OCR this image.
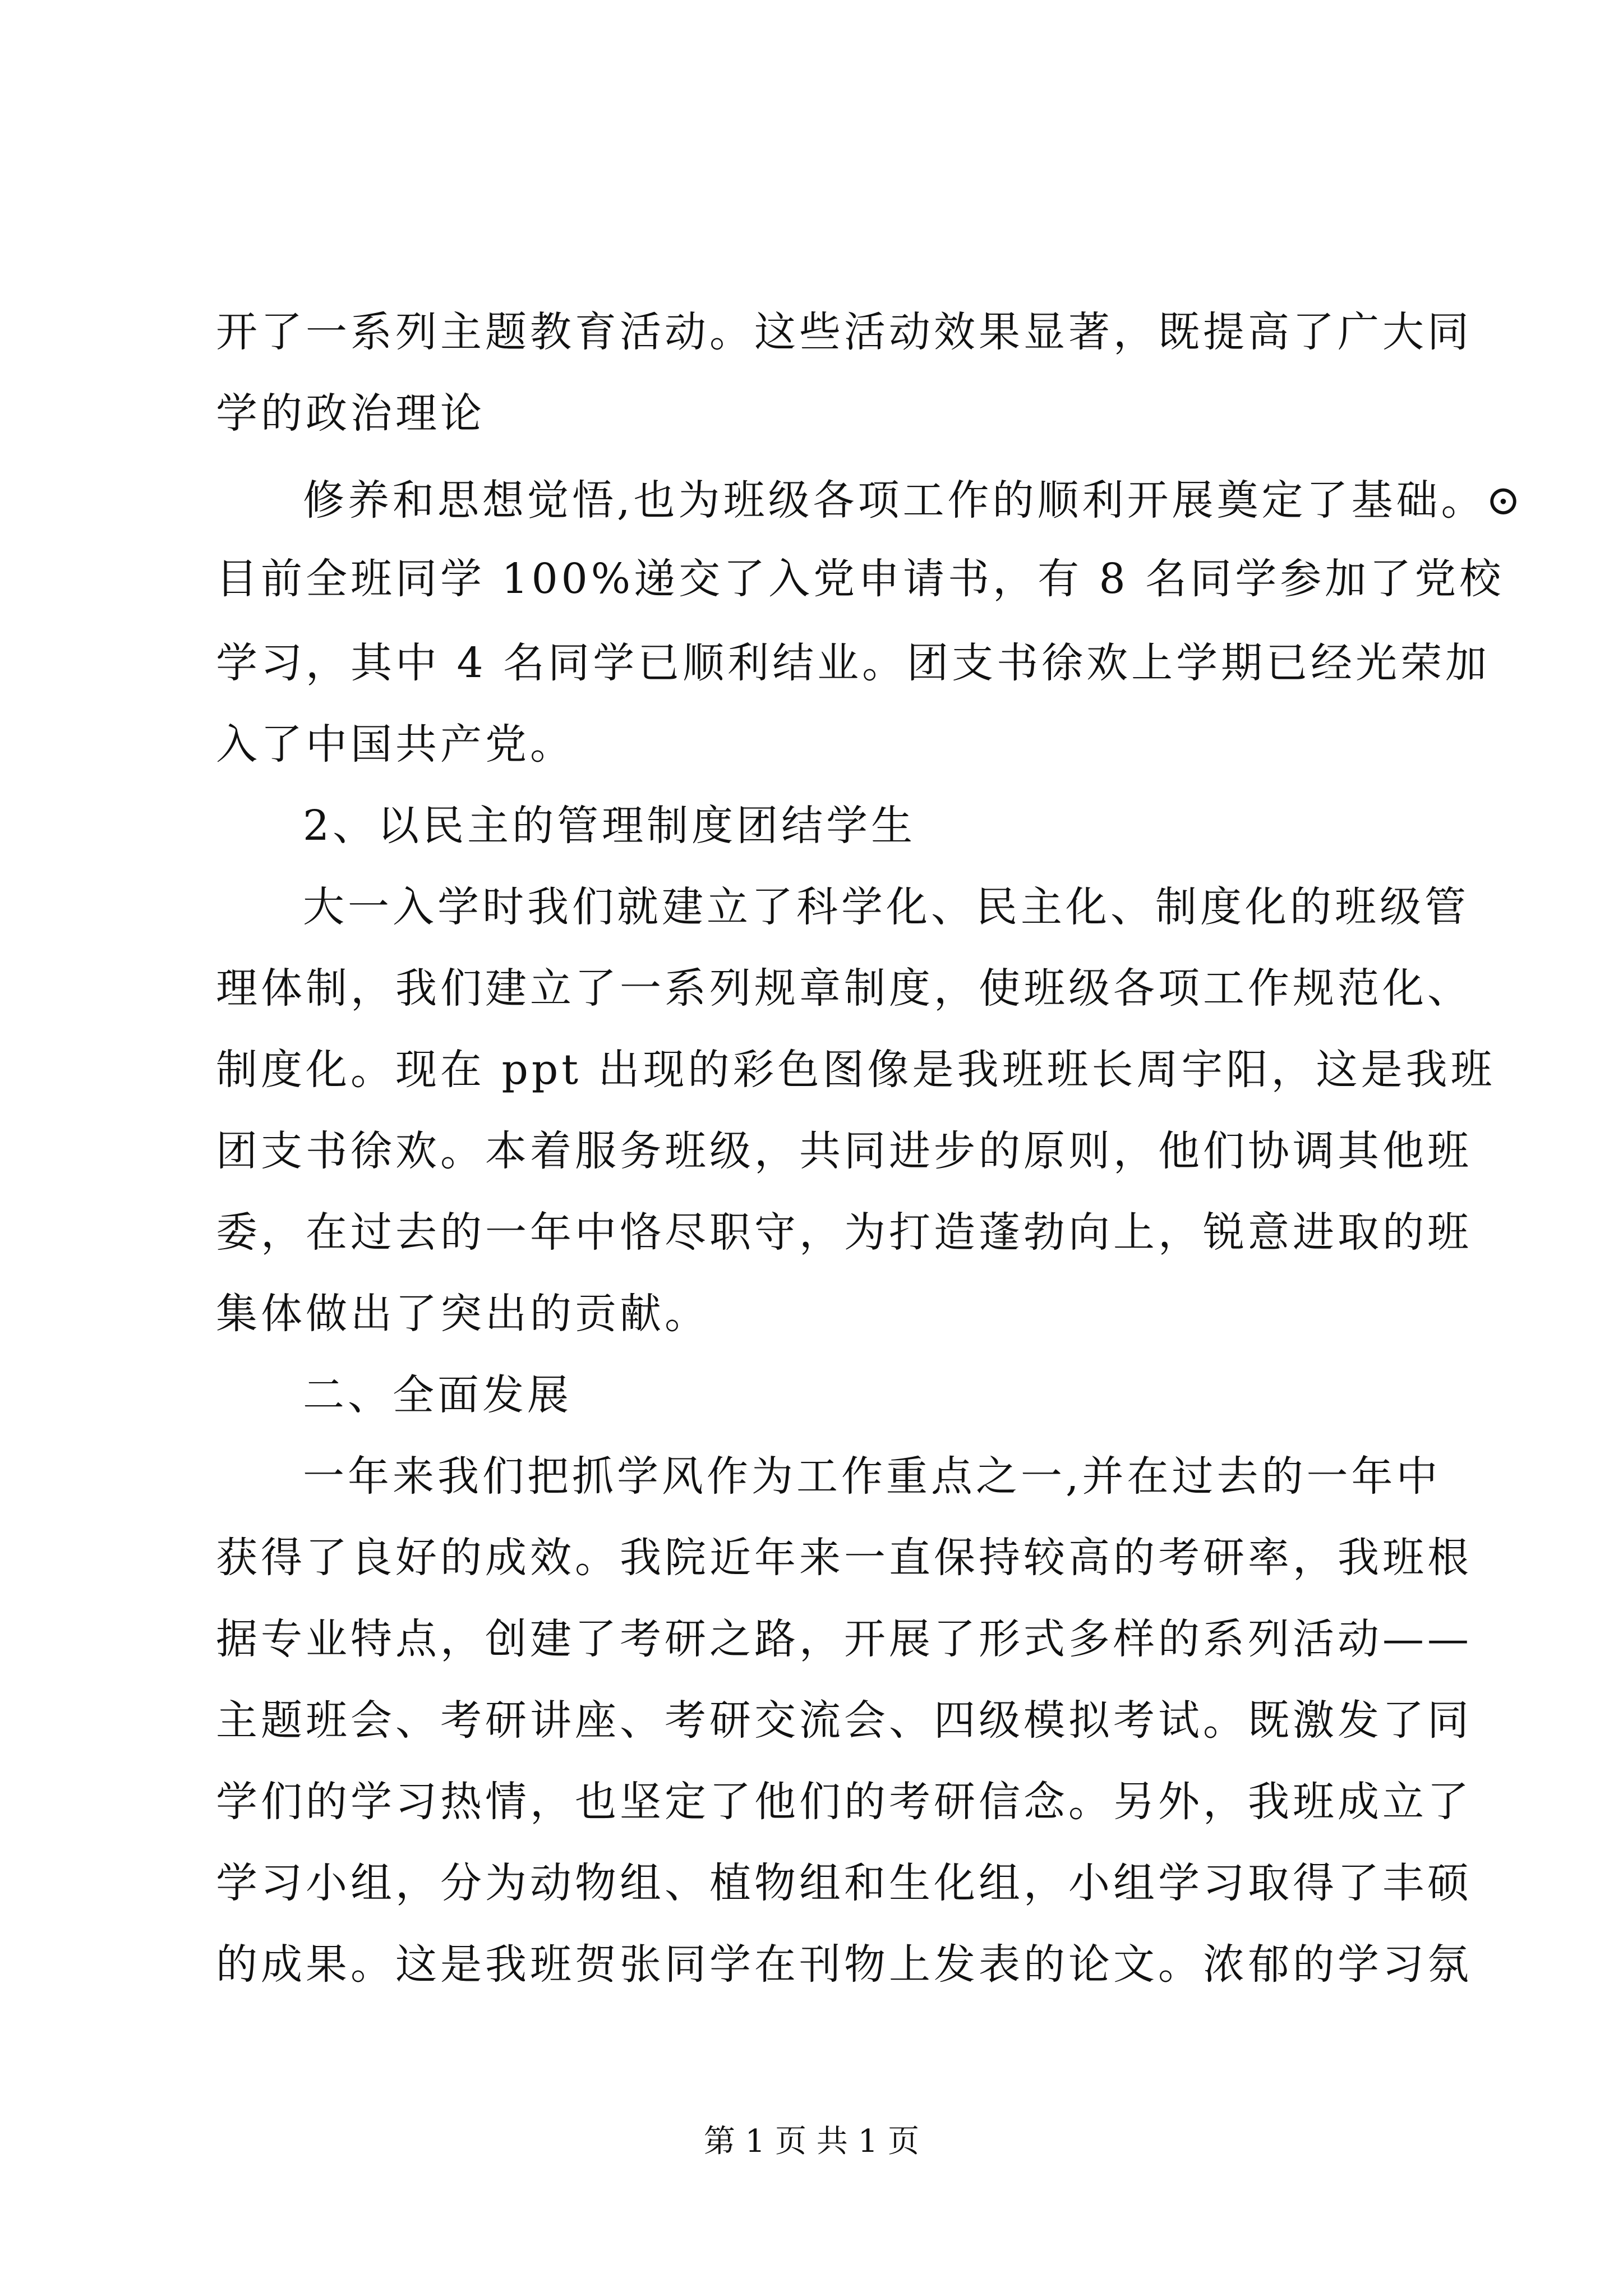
开了一系列主题教育活动。这些活动效果显著，既提高了广大同
学的政治理论
修养和思想觉悟,也为班级各项工作的顺利开展奠定了基础。⊙
目前全班同学 100%递交了入党申请书，有 8 名同学参加了党校
学习，其中 4 名同学已顺利结业。团支书徐欢上学期已经光荣加
入了中国共产党。
2、以民主的管理制度团结学生
大一入学时我们就建立了科学化、民主化、制度化的班级管
理体制，我们建立了一系列规章制度，使班级各项工作规范化、
制度化。现在 ppt 出现的彩色图像是我班班长周宇阳，这是我班
团支书徐欢。本着服务班级，共同进步的原则，他们协调其他班
委，在过去的一年中恪尽职守，为打造蓬勃向上，锐意进取的班
集体做出了突出的贡献。
二、全面发展
一年来我们把抓学风作为工作重点之一,并在过去的一年中
获得了良好的成效。我院近年来一直保持较高的考研率，我班根
据专业特点，创建了考研之路，开展了形式多样的系列活动——
主题班会、考研讲座、考研交流会、四级模拟考试。既激发了同
学们的学习热情，也坚定了他们的考研信念。另外，我班成立了
学习小组，分为动物组、植物组和生化组，小组学习取得了丰硕
的成果。这是我班贺张同学在刊物上发表的论文。浓郁的学习氛
第 1 页 共 1 页
